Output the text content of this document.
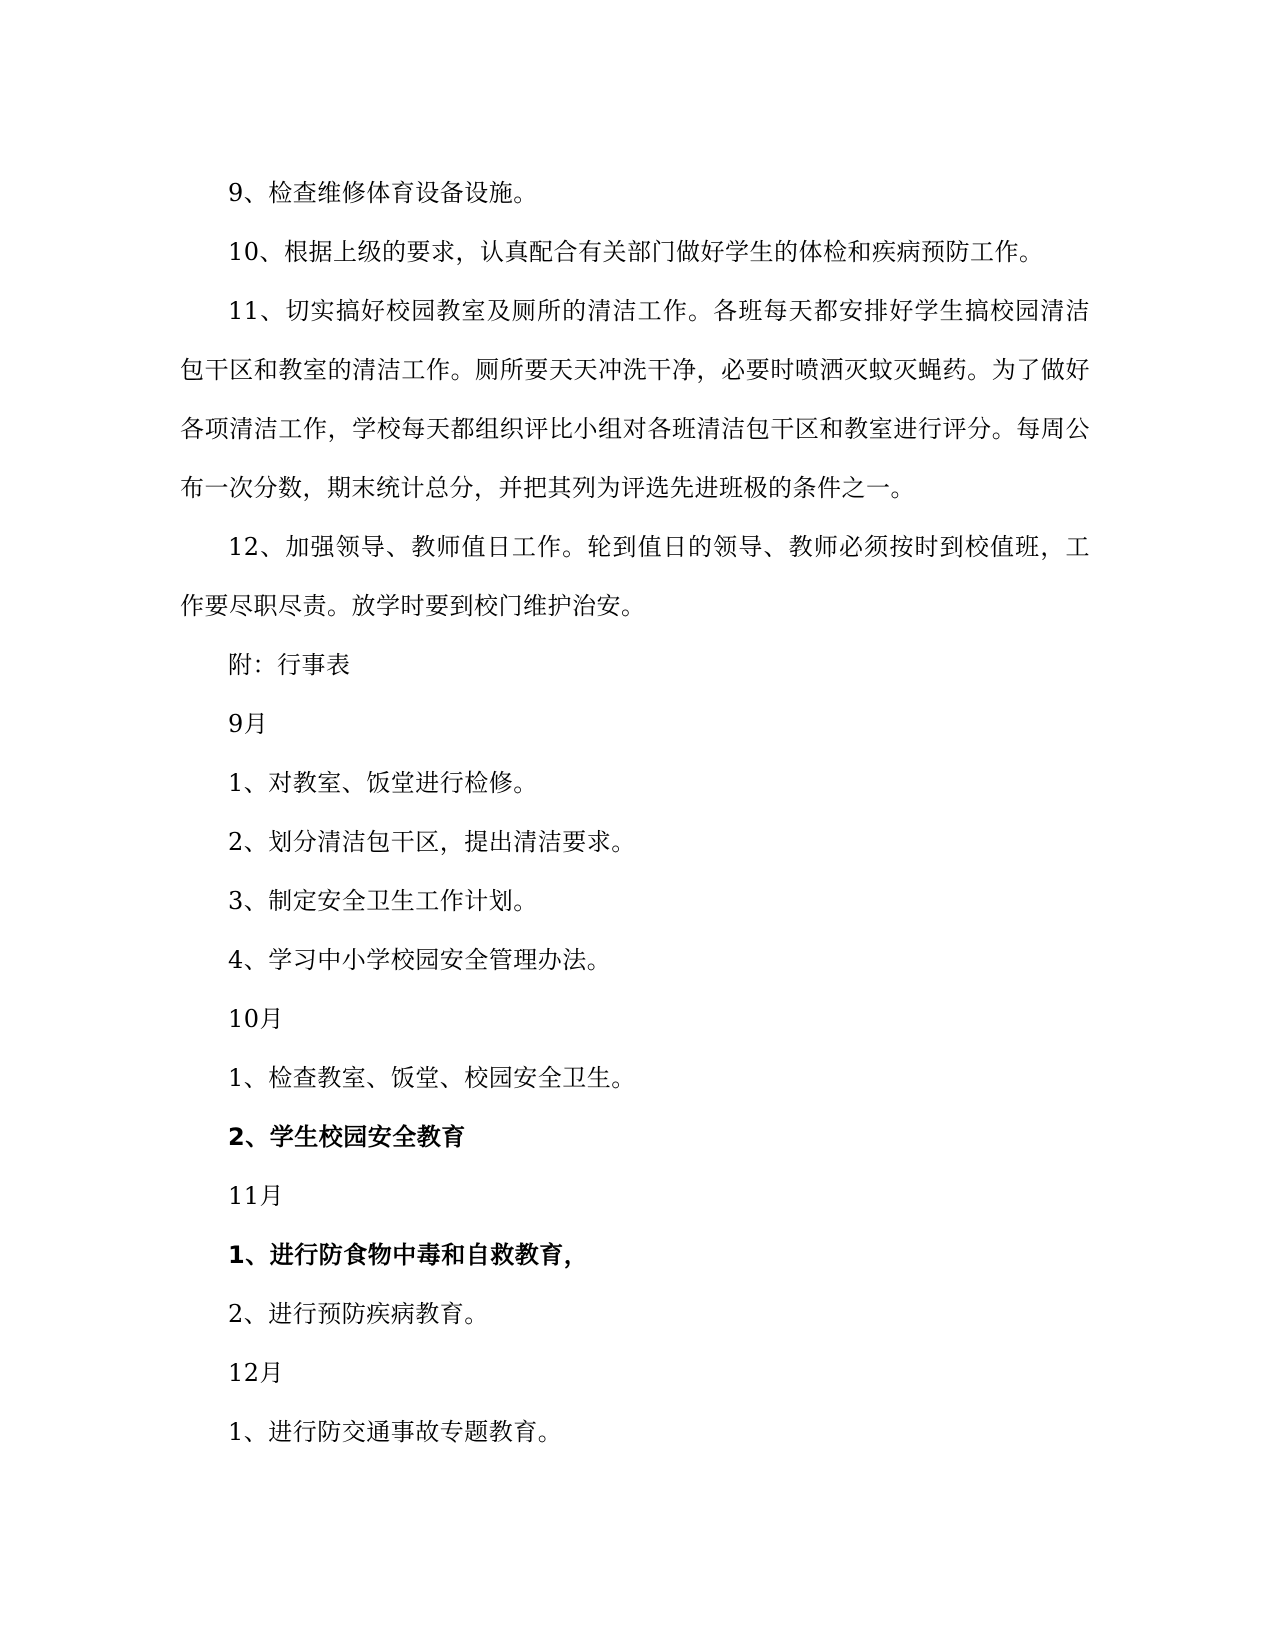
9、检查维修体育设备设施。

10、根据上级的要求，认真配合有关部门做好学生的体检和疾病预防工作。

11、切实搞好校园教室及厕所的清洁工作。各班每天都安排好学生搞校园清洁包干区和教室的清洁工作。厕所要天天冲洗干净，必要时喷洒灭蚊灭蝇药。为了做好各项清洁工作，学校每天都组织评比小组对各班清洁包干区和教室进行评分。每周公布一次分数，期末统计总分，并把其列为评选先进班极的条件之一。

12、加强领导、教师值日工作。轮到值日的领导、教师必须按时到校值班，工作要尽职尽责。放学时要到校门维护治安。

附：行事表

9月

1、对教室、饭堂进行检修。

2、划分清洁包干区，提出清洁要求。

3、制定安全卫生工作计划。

4、学习中小学校园安全管理办法。

10月

1、检查教室、饭堂、校园安全卫生。

2、学生校园安全教育

11月

1、进行防食物中毒和自救教育，

2、进行预防疾病教育。

12月

1、进行防交通事故专题教育。
